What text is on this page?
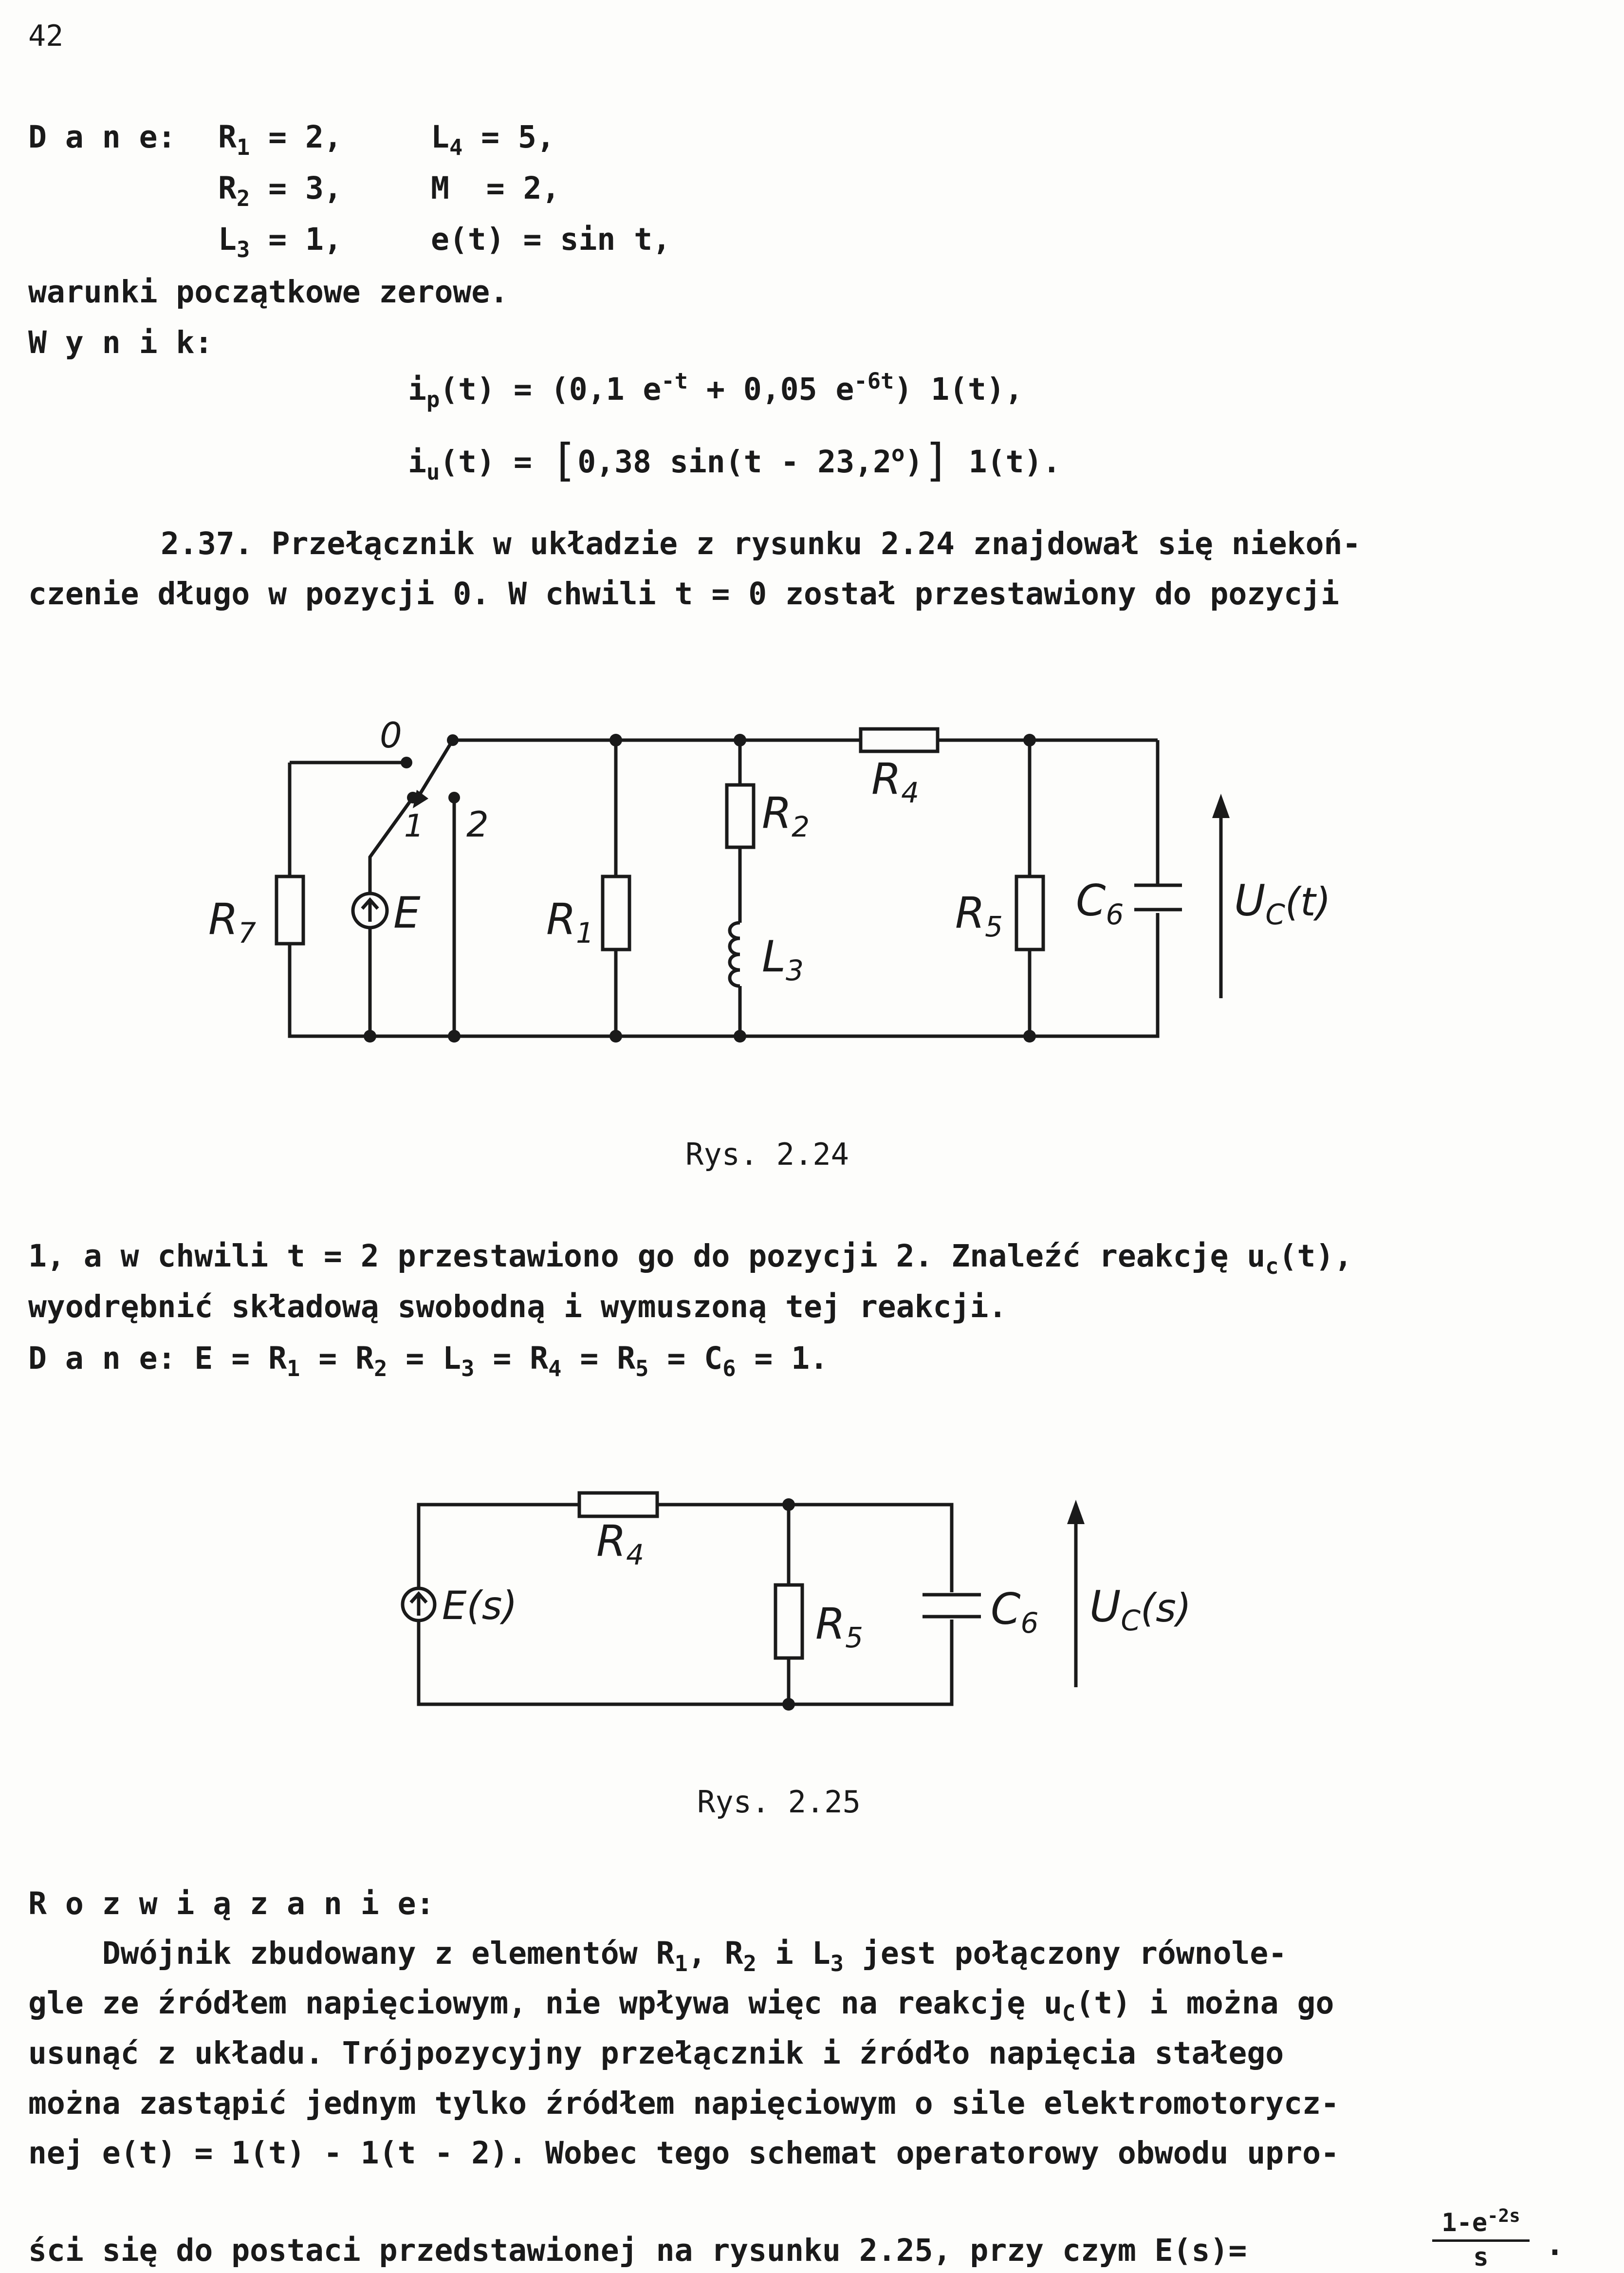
42
D a n e: $R_1 = 2$,	$L_4 = 5$,
$R_2 = 3$,	M  = 2,
$L_3 = 1$,	e(t) = sin t,
warunki początkowe zerowe.
W y n i k:
$i_p(t) = (0,1$ $e^{-t} + 0,05$ $e^{-6t}$) 1(t),
$i_u(t) = [0,38$ sin(t - 23,2$^o$)] 1(t).
2.37. Przełącznik w układzie z rysunku 2.24 znajdował się niekoń-
czenie długo w pozycji 0. W chwili t = 0 został przestawiony do pozycji
0
1 2
$R_7$	E	$R_1$
$R_2$
$L_3$
$R_4$
$R_5$
$C_6$	$U_C(t)$
Rys. 2.24
1, a w chwili t = 2 przestawiono go do pozycji 2. Znaleźć reakcję $u_c(t)$,
wyodrębnić składową swobodną i wymuszoną tej reakcji.
D a n e: $E = R_1 = R_2 = L_3 = R_4 = R_5 = C_6 = 1$.
$R_4$
E(s)	$R_5$
$C_6$ $U_C(s)$
Rys. 2.25
R o z w i ą z a n i e:
Dwójnik zbudowany z elementów $R_1$, $R_2$ i $L_3$ jest połączony równole-
gle ze źródłem napięciowym, nie wpływa więc na reakcję $u_C(t)$ i można go
usunąć z układu. Trójpozycyjny przełącznik i źródło napięcia stałego
można zastąpić jednym tylko źródłem napięciowym o sile elektromotorycz-
nej e(t) = 1(t) - 1(t - 2). Wobec tego schemat operatorowy obwodu upro-
ści się do postaci przedstawionej na rysunku 2.25, przy czym E(s)=	$\frac{1-e^{-2s}}{s}$ .
